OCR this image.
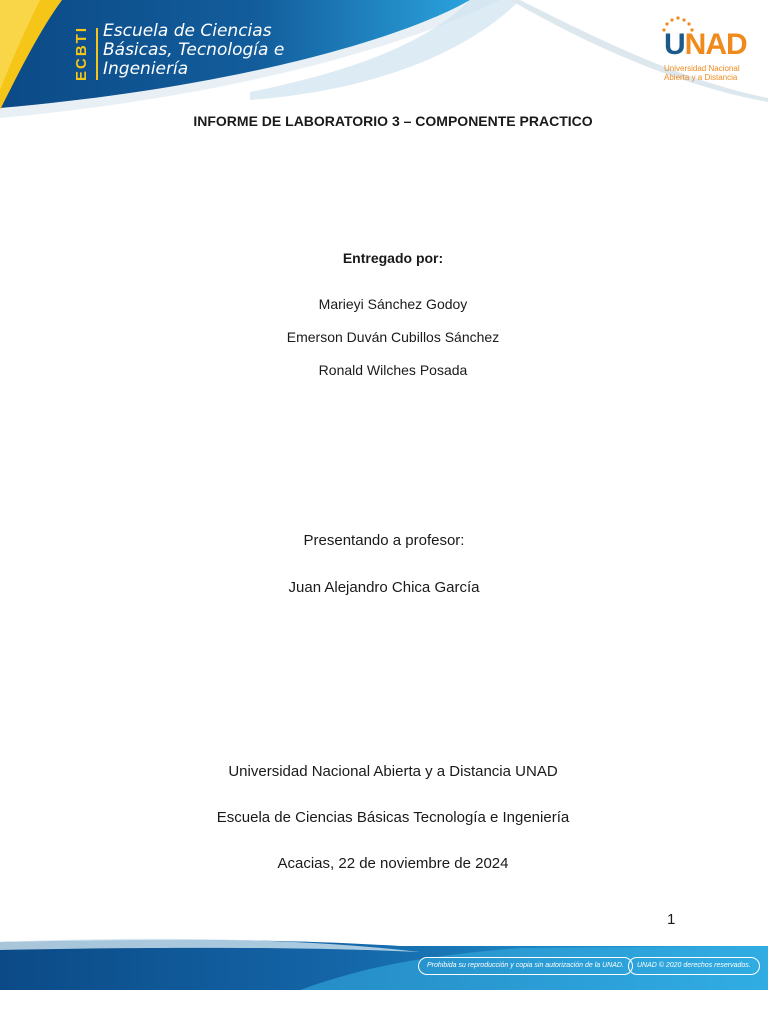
ECBTI Escuela de Ciencias
Básicas, Tecnología e
Ingeniería
UNAD
Universidad Nacional
Abierta y a Distancia
INFORME DE LABORATORIO 3 – COMPONENTE PRACTICO
Entregado por:
Marieyi Sánchez Godoy
Emerson Duván Cubillos Sánchez
Ronald Wilches Posada
Presentando a profesor:
Juan Alejandro Chica García
Universidad Nacional Abierta y a Distancia UNAD
Escuela de Ciencias Básicas Tecnología e Ingeniería
Acacias, 22 de noviembre de 2024
1
Prohibida su reproducción y copia sin autorización de la UNAD.	UNAD © 2020 derechos reservados.
